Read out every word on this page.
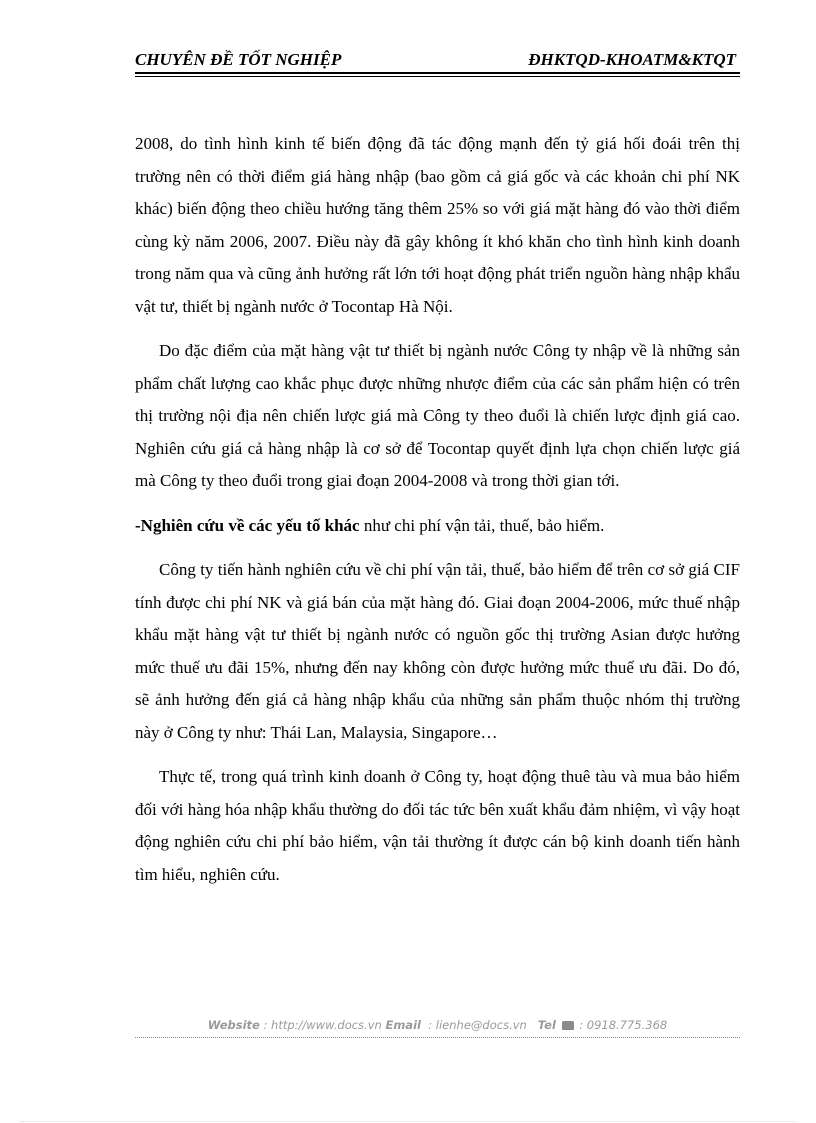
CHUYÊN ĐỀ TỐT NGHIỆP	ĐHKTQD-KHOATM&KTQT

2008, do tình hình kinh tế biến động đã tác động mạnh đến tỷ giá hối đoái trên thị trường nên có thời điểm giá hàng nhập (bao gồm cả giá gốc và các khoản chi phí NK khác) biến động theo chiều hướng tăng thêm 25% so với giá mặt hàng đó vào thời điểm cùng kỳ năm 2006, 2007. Điều này đã gây không ít khó khăn cho tình hình kinh doanh trong năm qua và cũng ảnh hưởng rất lớn tới hoạt động phát triển nguồn hàng nhập khẩu vật tư, thiết bị ngành nước ở Tocontap Hà Nội.

Do đặc điểm của mặt hàng vật tư thiết bị ngành nước Công ty nhập về là những sản phẩm chất lượng cao khắc phục được những nhược điểm của các sản phẩm hiện có trên thị trường nội địa nên chiến lược giá mà Công ty theo đuổi là chiến lược định giá cao. Nghiên cứu giá cả hàng nhập là cơ sở để Tocontap quyết định lựa chọn chiến lược giá mà Công ty theo đuổi trong giai đoạn 2004-2008 và trong thời gian tới.

-Nghiên cứu về các yếu tố khác như chi phí vận tải, thuế, bảo hiểm.

Công ty tiến hành nghiên cứu về chi phí vận tải, thuế, bảo hiểm để trên cơ sở giá CIF tính được chi phí NK và giá bán của mặt hàng đó. Giai đoạn 2004-2006, mức thuế nhập khẩu mặt hàng vật tư thiết bị ngành nước có nguồn gốc thị trường Asian được hưởng mức thuế ưu đãi 15%, nhưng đến nay không còn được hưởng mức thuế ưu đãi. Do đó, sẽ ảnh hưởng đến giá cả hàng nhập khẩu của những sản phẩm thuộc nhóm thị trường này ở Công ty như: Thái Lan, Malaysia, Singapore…

Thực tế, trong quá trình kinh doanh ở Công ty, hoạt động thuê tàu và mua bảo hiểm đối với hàng hóa nhập khẩu thường do đối tác tức bên xuất khẩu đảm nhiệm, vì vậy hoạt động nghiên cứu chi phí bảo hiểm, vận tải thường ít được cán bộ kinh doanh tiến hành tìm hiểu, nghiên cứu.

Website : http://www.docs.vn Email  : lienhe@docs.vn Tel  : 0918.775.368
